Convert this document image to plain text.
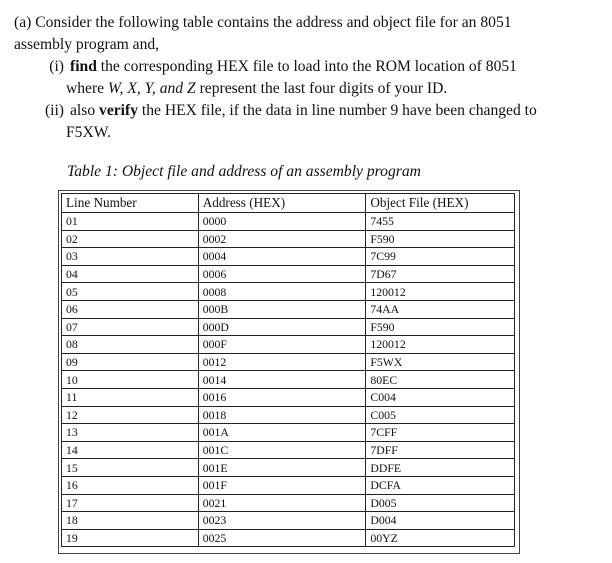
(a) Consider the following table contains the address and object file for an 8051

assembly program and,

(i) find the corresponding HEX file to load into the ROM location of 8051
where W, X, Y, and Z represent the last four digits of your ID.
(ii) also verify the HEX file, if the data in line number 9 have been changed to
F5XW.
Table 1: Object file and address of an assembly program
Line Number	Address (HEX)	Object File (HEX)
01	0000	7455
02	0002	F590
03	0004	7C99
04	0006	7D67
05	0008	120012
06	000B	74AA
07	000D	F590
08	000F	120012
09	0012	F5WX
10	0014	80EC
11	0016	C004
12	0018	C005
13	001A	7CFF
14	001C	7DFF
15	001E	DDFE
16	001F	DCFA
17	0021	D005
18	0023	D004
19	0025	00YZ
